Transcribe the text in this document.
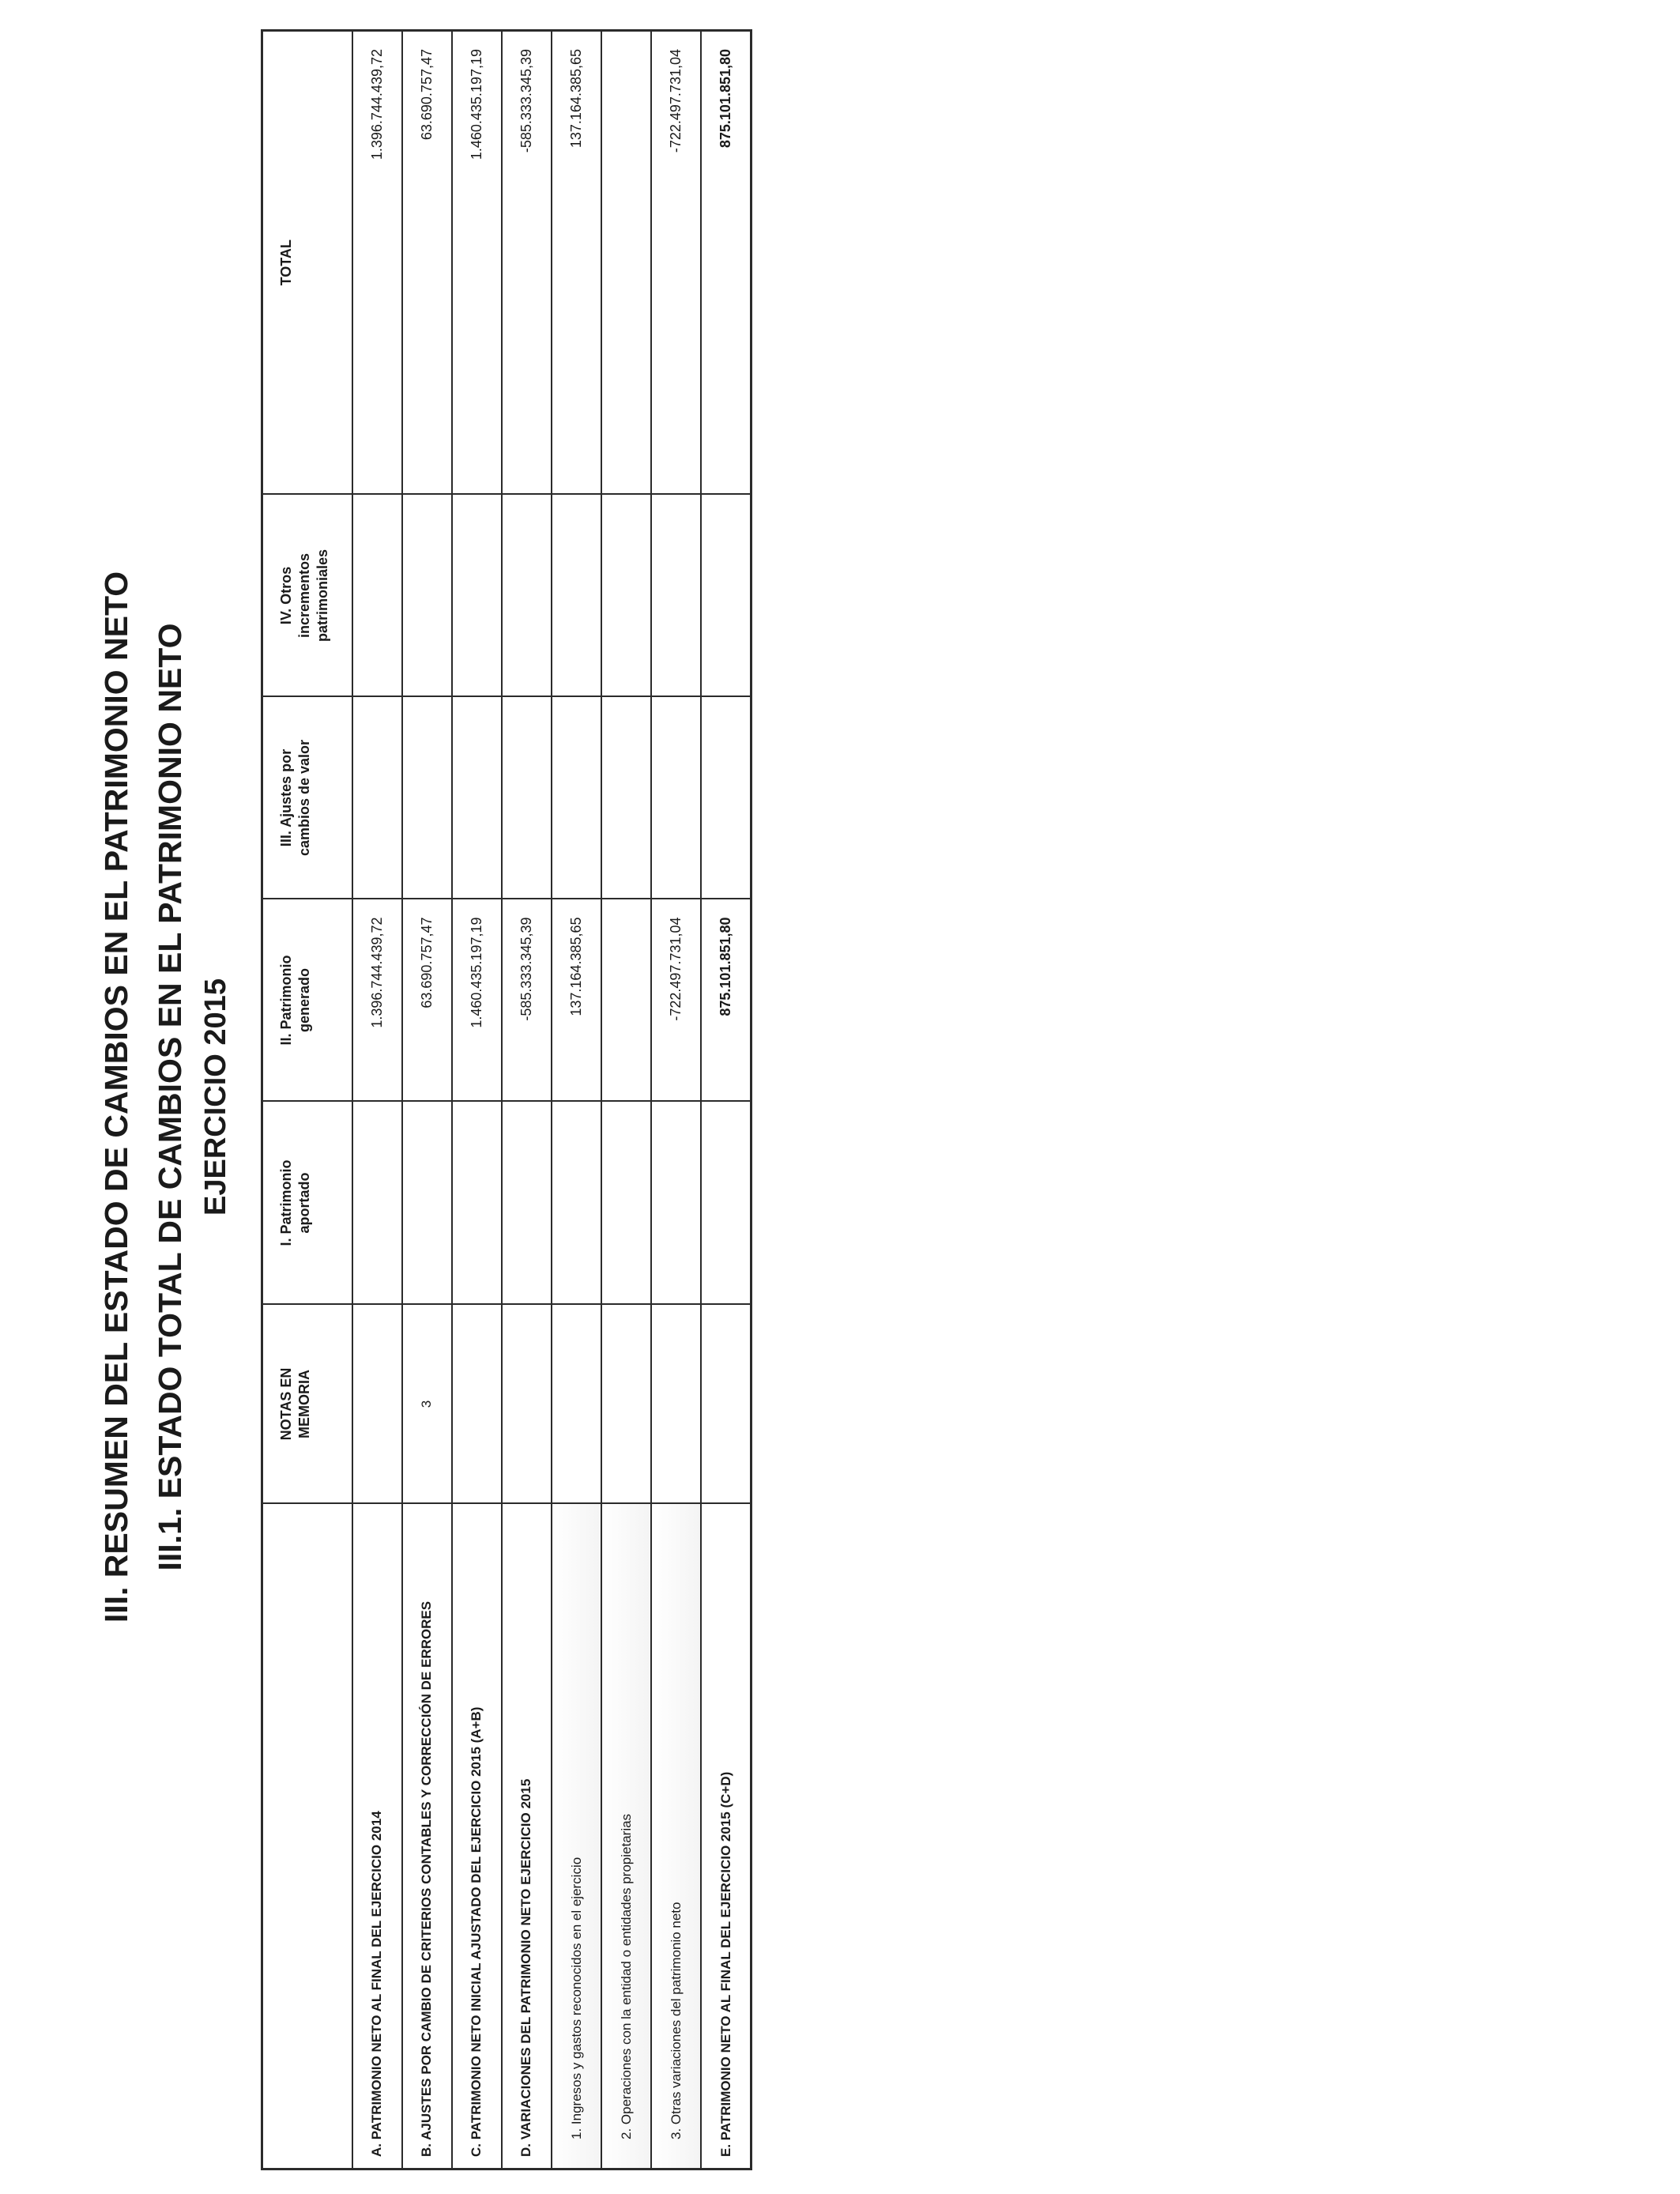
III. RESUMEN DEL ESTADO DE CAMBIOS EN EL PATRIMONIO NETO III.1. ESTADO TOTAL DE CAMBIOS EN EL PATRIMONIO NETO EJERCICIO 2015
	NOTAS EN MEMORIA	I. Patrimonio aportado	II. Patrimonio generado	III. Ajustes por cambios de valor	IV. Otros incrementos patrimoniales	TOTAL
A. PATRIMONIO NETO AL FINAL DEL EJERCICIO 2014			1.396.744.439,72			1.396.744.439,72
B. AJUSTES POR CAMBIO DE CRITERIOS CONTABLES Y CORRECCIÓN DE ERRORES	3		63.690.757,47			63.690.757,47
C. PATRIMONIO NETO INICIAL AJUSTADO DEL EJERCICIO 2015 (A+B)			1.460.435.197,19			1.460.435.197,19
D. VARIACIONES DEL PATRIMONIO NETO EJERCICIO 2015			-585.333.345,39			-585.333.345,39
1. Ingresos y gastos reconocidos en el ejercicio			137.164.385,65			137.164.385,65
2. Operaciones con la entidad o entidades propietarias						
3. Otras variaciones del patrimonio neto			-722.497.731,04			-722.497.731,04
E. PATRIMONIO NETO AL FINAL DEL EJERCICIO 2015 (C+D)			875.101.851,80			875.101.851,80
